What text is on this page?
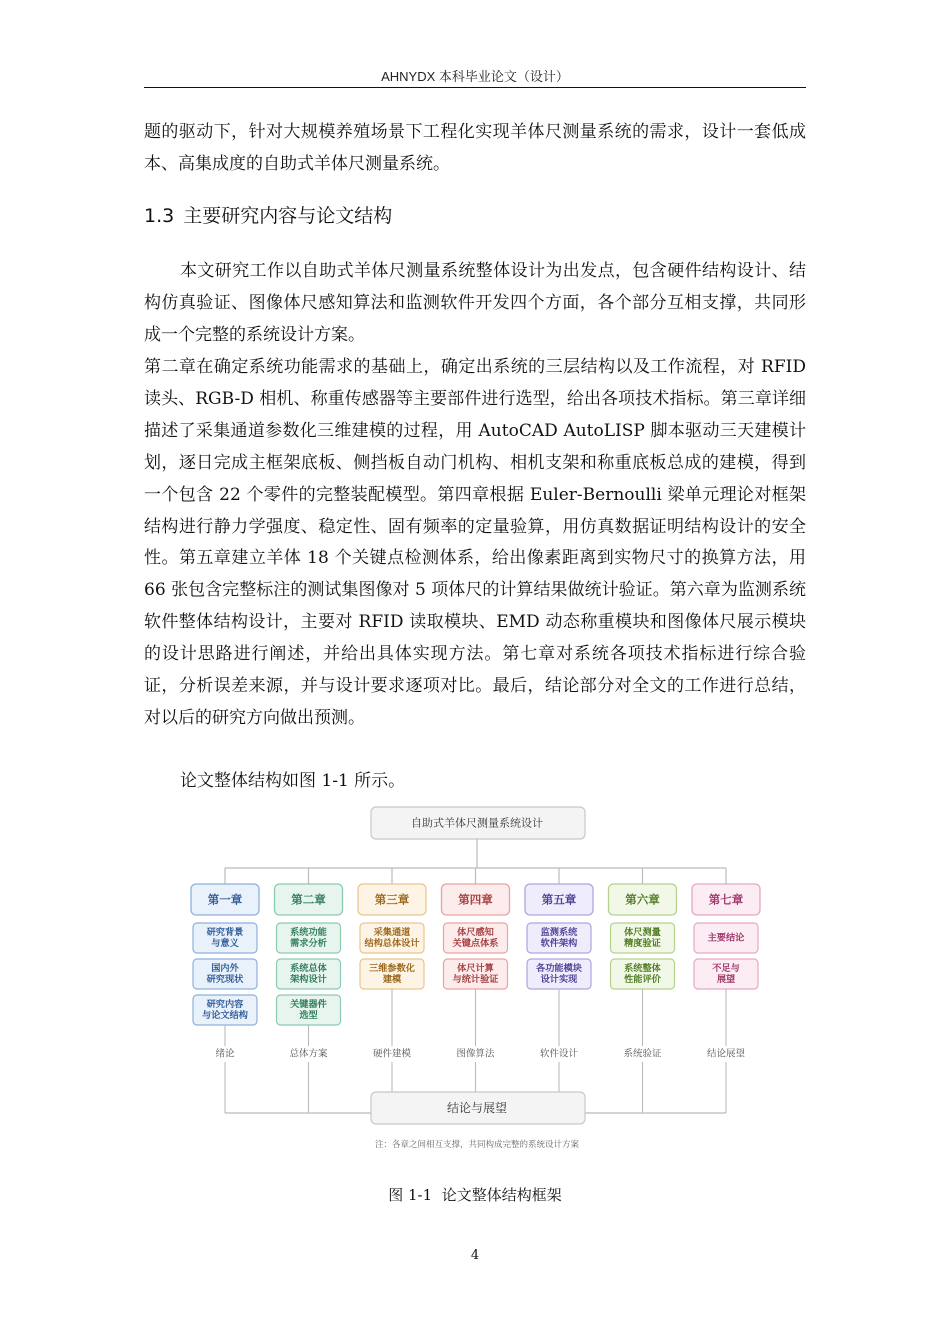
AHNYDX 本科毕业论文（设计）

题的驱动下，针对大规模养殖场景下工程化实现羊体尺测量系统的需求，设计一套低成本、高集成度的自助式羊体尺测量系统。

1.3 主要研究内容与论文结构

本文研究工作以自助式羊体尺测量系统整体设计为出发点，包含硬件结构设计、结构仿真验证、图像体尺感知算法和监测软件开发四个方面，各个部分互相支撑，共同形成一个完整的系统设计方案。

第二章在确定系统功能需求的基础上，确定出系统的三层结构以及工作流程，对 RFID 读头、RGB-D 相机、称重传感器等主要部件进行选型，给出各项技术指标。第三章详细描述了采集通道参数化三维建模的过程，用 AutoCAD AutoLISP 脚本驱动三天建模计划，逐日完成主框架底板、侧挡板自动门机构、相机支架和称重底板总成的建模，得到一个包含 22 个零件的完整装配模型。第四章根据 Euler-Bernoulli 梁单元理论对框架结构进行静力学强度、稳定性、固有频率的定量验算，用仿真数据证明结构设计的安全性。第五章建立羊体 18 个关键点检测体系，给出像素距离到实物尺寸的换算方法，用 66 张包含完整标注的测试集图像对 5 项体尺的计算结果做统计验证。第六章为监测系统软件整体结构设计，主要对 RFID 读取模块、EMD 动态称重模块和图像体尺展示模块的设计思路进行阐述，并给出具体实现方法。第七章对系统各项技术指标进行综合验证，分析误差来源，并与设计要求逐项对比。最后，结论部分对全文的工作进行总结，对以后的研究方向做出预测。

论文整体结构如图 1-1 所示。

自助式羊体尺测量系统设计
第一章
研究背景与意义
国内外研究现状
研究内容与论文结构
绪论
第二章
系统功能需求分析
系统总体架构设计
关键器件选型
总体方案
第三章
采集通道结构总体设计
三维参数化建模
硬件建模
第四章
体尺感知关键点体系
体尺计算与统计验证
图像算法
第五章
监测系统软件架构
各功能模块设计实现
软件设计
第六章
体尺测量精度验证
系统整体性能评价
系统验证
第七章
主要结论
不足与展望
结论展望
结论与展望
注：各章之间相互支撑，共同构成完整的系统设计方案
图 1-1 论文整体结构框架
4
